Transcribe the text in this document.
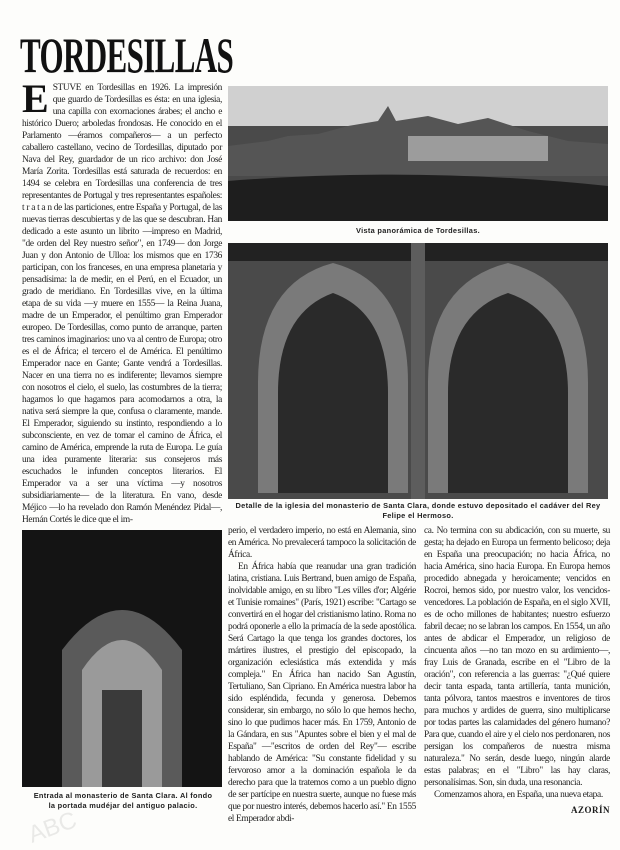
TORDESILLAS

ESTUVE en Tordesillas en 1926. La impresión que guardo de Tordesillas es ésta: en una iglesia, una capilla con exornaciones árabes; el ancho e histórico Duero; arboledas frondosas. He conocido en el Parlamento —éramos compañeros— a un perfecto caballero castellano, vecino de Tordesillas, diputado por Nava del Rey, guardador de un rico archivo: don José María Zorita. Tordesillas está saturada de recuerdos: en 1494 se celebra en Tordesillas una conferencia de tres representantes de Portugal y tres representantes españoles: t r a t a n de las particiones, entre España y Portugal, de las nuevas tierras descubiertas y de las que se descubran. Han dedicado a este asunto un librito —impreso en Madrid, "de orden del Rey nuestro señor", en 1749— don Jorge Juan y don Antonio de Ulloa: los mismos que en 1736 participan, con los franceses, en una empresa planetaria y pensadísima: la de medir, en el Perú, en el Ecuador, un grado de meridiano. En Tordesillas vive, en la última etapa de su vida —y muere en 1555— la Reina Juana, madre de un Emperador, el penúltimo gran Emperador europeo. De Tordesillas, como punto de arranque, parten tres caminos imaginarios: uno va al centro de Europa; otro es el de África; el tercero el de América. El penúltimo Emperador nace en Gante; Gante vendrá a Tordesillas. Nacer en una tierra no es indiferente; llevamos siempre con nosotros el cielo, el suelo, las costumbres de la tierra; hagamos lo que hagamos para acomodarnos a otra, la nativa será siempre la que, confusa o claramente, mande. El Emperador, siguiendo su instinto, respondiendo a lo subconsciente, en vez de tomar el camino de África, el camino de América, emprende la ruta de Europa. Le guía una idea puramente literaria: sus consejeros más escuchados le infunden conceptos literarios. El Emperador va a ser una víctima —y nosotros subsidiariamente— de la literatura. En vano, desde Méjico —lo ha revelado don Ramón Menéndez Pidal—, Hernán Cortés le dice que el im-

Entrada al monasterio de Santa Clara. Al fondo la portada mudéjar del antiguo palacio.
ABC
Vista panorámica de Tordesillas.
Detalle de la iglesia del monasterio de Santa Clara, donde estuvo depositado el cadáver del Rey Felipe el Hermoso.

perio, el verdadero imperio, no está en Alemania, sino en América. No prevalecerá tampoco la solicitación de África.

En África había que reanudar una gran tradición latina, cristiana. Luis Bertrand, buen amigo de España, inolvidable amigo, en su libro "Les villes d'or; Algérie et Tunisie romaines" (París, 1921) escribe: "Cartago se convertirá en el hogar del cristianismo latino. Roma no podrá oponerle a ello la primacía de la sede apostólica. Será Cartago la que tenga los grandes doctores, los mártires ilustres, el prestigio del episcopado, la organización eclesiástica más extendida y más compleja." En África han nacido San Agustín, Tertuliano, San Cipriano. En América nuestra labor ha sido espléndida, fecunda y generosa. Debemos considerar, sin embargo, no sólo lo que hemos hecho, sino lo que pudimos hacer más. En 1759, Antonio de la Gándara, en sus "Apuntes sobre el bien y el mal de España" —"escritos de orden del Rey"— escribe hablando de América: "Su constante fidelidad y su fervoroso amor a la dominación española le da derecho para que la tratemos como a un pueblo digno de ser partícipe en nuestra suerte, aunque no fuese más que por nuestro interés, debemos hacerlo así." En 1555 el Emperador abdi-

ca. No termina con su abdicación, con su muerte, su gesta; ha dejado en Europa un fermento belicoso; deja en España una preocupación; no hacia África, no hacia América, sino hacia Europa. En Europa hemos procedido abnegada y heroicamente; vencidos en Rocroi, hemos sido, por nuestro valor, los vencidos-vencedores. La población de España, en el siglo XVII, es de ocho millones de habitantes; nuestro esfuerzo fabril decae; no se labran los campos. En 1554, un año antes de abdicar el Emperador, un religioso de cincuenta años —no tan mozo en su ardimiento—, fray Luis de Granada, escribe en el "Libro de la oración", con referencia a las guerras: "¿Qué quiere decir tanta espada, tanta artillería, tanta munición, tanta pólvora, tantos maestros e inventores de tiros para muchos y ardides de guerra, sino multiplicarse por todas partes las calamidades del género humano? Para que, cuando el aire y el cielo nos perdonaren, nos persigan los compañeros de nuestra misma naturaleza." No serán, desde luego, ningún alarde estas palabras; en el "Libro" las hay claras, personalísimas. Son, sin duda, una resonancia.

Comenzamos ahora, en España, una nueva etapa.

AZORÍN
